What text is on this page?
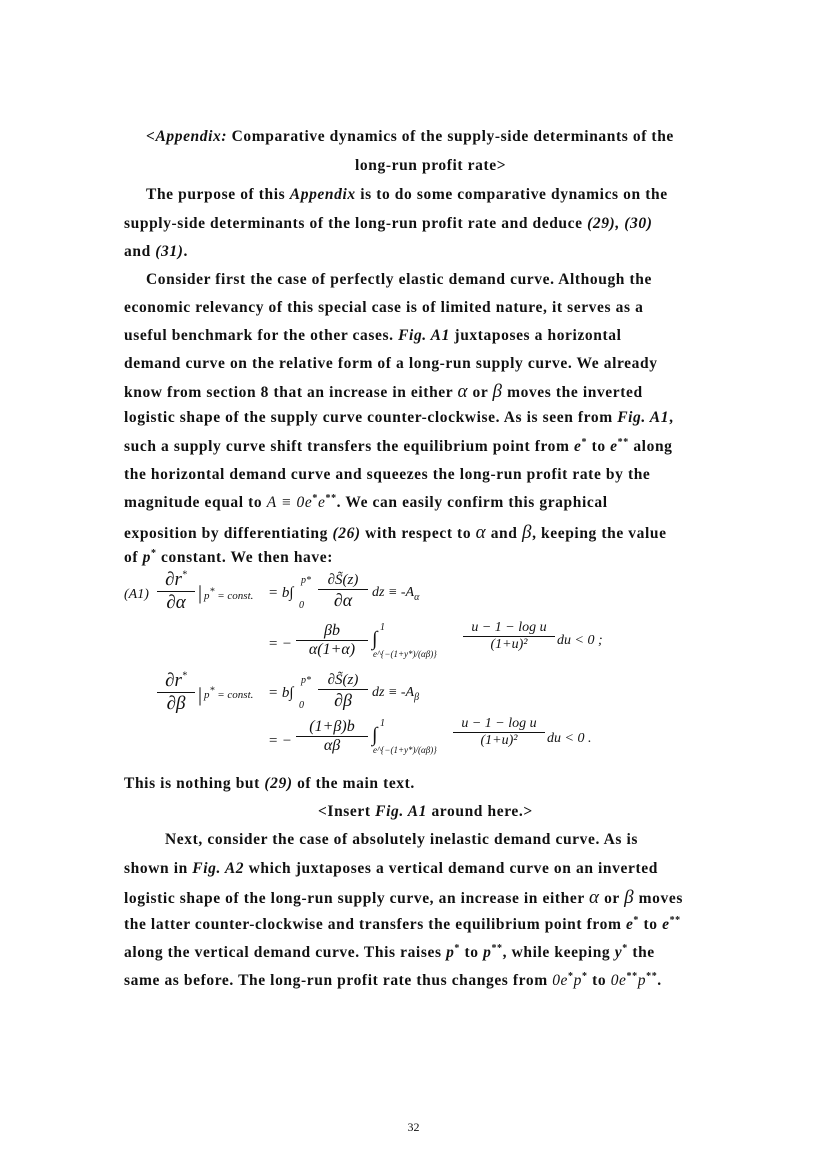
<Appendix: Comparative dynamics of the supply-side determinants of the
long-run profit rate>
The purpose of this Appendix is to do some comparative dynamics on the
supply-side determinants of the long-run profit rate and deduce (29), (30)
and (31).
Consider first the case of perfectly elastic demand curve. Although the
economic relevancy of this special case is of limited nature, it serves as a
useful benchmark for the other cases. Fig. A1 juxtaposes a horizontal
demand curve on the relative form of a long-run supply curve. We already
know from section 8 that an increase in either α or β moves the inverted
logistic shape of the supply curve counter-clockwise. As is seen from Fig. A1,
such a supply curve shift transfers the equilibrium point from e* to e** along
the horizontal demand curve and squeezes the long-run profit rate by the
magnitude equal to A ≡ 0e*e**. We can easily confirm this graphical
exposition by differentiating (26) with respect to α and β, keeping the value
of p* constant. We then have:
$(A1) \frac{\partial r^*}{\partial\alpha}$ | p* = const. = b∫
p*
0
∂S̃(z)
∂α	dz ≡ $-A_\alpha$
= − $\frac{\beta b}{\alpha(1+\alpha)}$ ∫
1
e^{−(1+y*)/(αβ)}
$\frac{\text{u − 1 − log u}}{\text{(1+u)²}}$ du < 0 ;
$\frac{\partial r^*}{\partial\beta}$ | p* = const. = b∫
p*
0
∂S̃(z)
∂β	dz ≡ $-A_\beta$
= − $\frac{(1+\beta)b}{\alpha\beta}$ ∫
1
e^{−(1+y*)/(αβ)}
$\frac{\text{u − 1 − log u}}{\text{(1+u)²}}$ du < 0 .
This is nothing but (29) of the main text.
<Insert Fig. A1 around here.>
Next, consider the case of absolutely inelastic demand curve. As is
shown in Fig. A2 which juxtaposes a vertical demand curve on an inverted
logistic shape of the long-run supply curve, an increase in either α or β moves
the latter counter-clockwise and transfers the equilibrium point from e* to e**
along the vertical demand curve. This raises p* to p**, while keeping y* the
same as before. The long-run profit rate thus changes from 0e*p* to 0e**p**.
32
